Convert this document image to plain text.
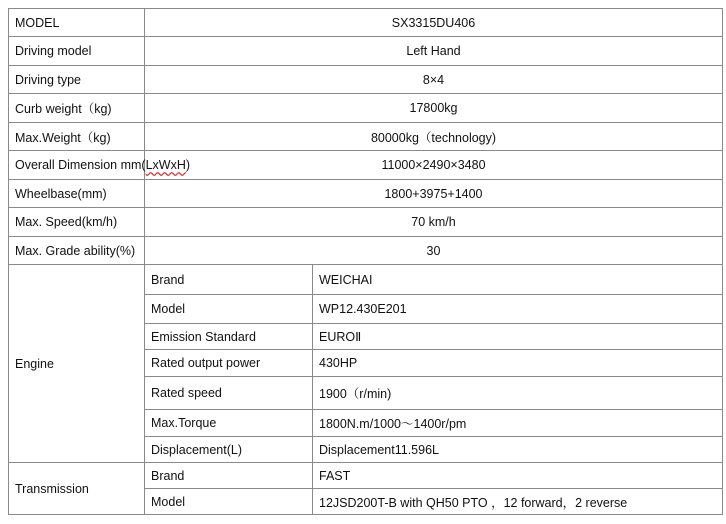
MODEL	SX3315DU406	
Driving model	Left Hand	
Driving type	8×4	
Curb weight（kg)	17800kg	
Max.Weight（kg)	80000kg（technology)	
Overall Dimension mm(LxWxH)	11000×2490×3480	
Wheelbase(mm)	1800+3975+1400	
Max. Speed(km/h)	70 km/h	
Max. Grade ability(%)	30	
Engine	Brand	WEICHAI
	Model	WP12.430E201
	Emission Standard	EUROⅡ
	Rated output power	430HP
	Rated speed	1900（r/min)
	Max.Torque	1800N.m/1000～1400r/pm
	Displacement(L)	Displacement11.596L
Transmission	Brand	FAST
	Model	12JSD200T-B with QH50 PTO ，12 forward，2 reverse
